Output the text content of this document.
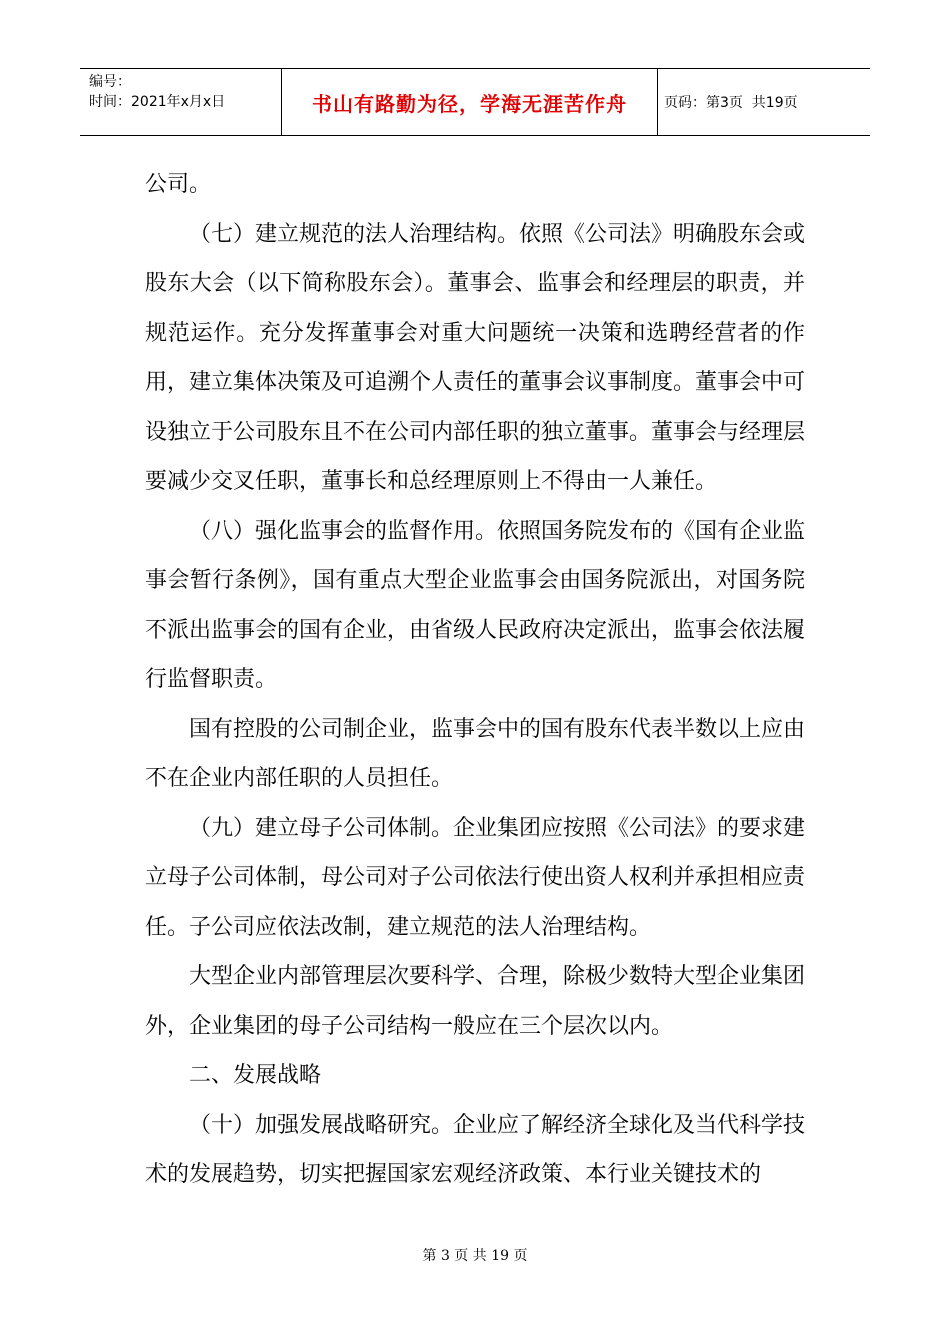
编号：
时间：2021年x月x日	书山有路勤为径，学海无涯苦作舟	页码：第3页  共19页

公司。

（七）建立规范的法人治理结构。依照《公司法》明确股东会或股东大会（以下简称股东会）。董事会、监事会和经理层的职责，并规范运作。充分发挥董事会对重大问题统一决策和选聘经营者的作用，建立集体决策及可追溯个人责任的董事会议事制度。董事会中可设独立于公司股东且不在公司内部任职的独立董事。董事会与经理层要减少交叉任职，董事长和总经理原则上不得由一人兼任。

（八）强化监事会的监督作用。依照国务院发布的《国有企业监事会暂行条例》，国有重点大型企业监事会由国务院派出，对国务院不派出监事会的国有企业，由省级人民政府决定派出，监事会依法履行监督职责。

国有控股的公司制企业，监事会中的国有股东代表半数以上应由不在企业内部任职的人员担任。

（九）建立母子公司体制。企业集团应按照《公司法》的要求建立母子公司体制，母公司对子公司依法行使出资人权利并承担相应责任。子公司应依法改制，建立规范的法人治理结构。

大型企业内部管理层次要科学、合理，除极少数特大型企业集团外，企业集团的母子公司结构一般应在三个层次以内。

二、发展战略

（十）加强发展战略研究。企业应了解经济全球化及当代科学技术的发展趋势，切实把握国家宏观经济政策、本行业关键技术的

第 3 页 共 19 页
